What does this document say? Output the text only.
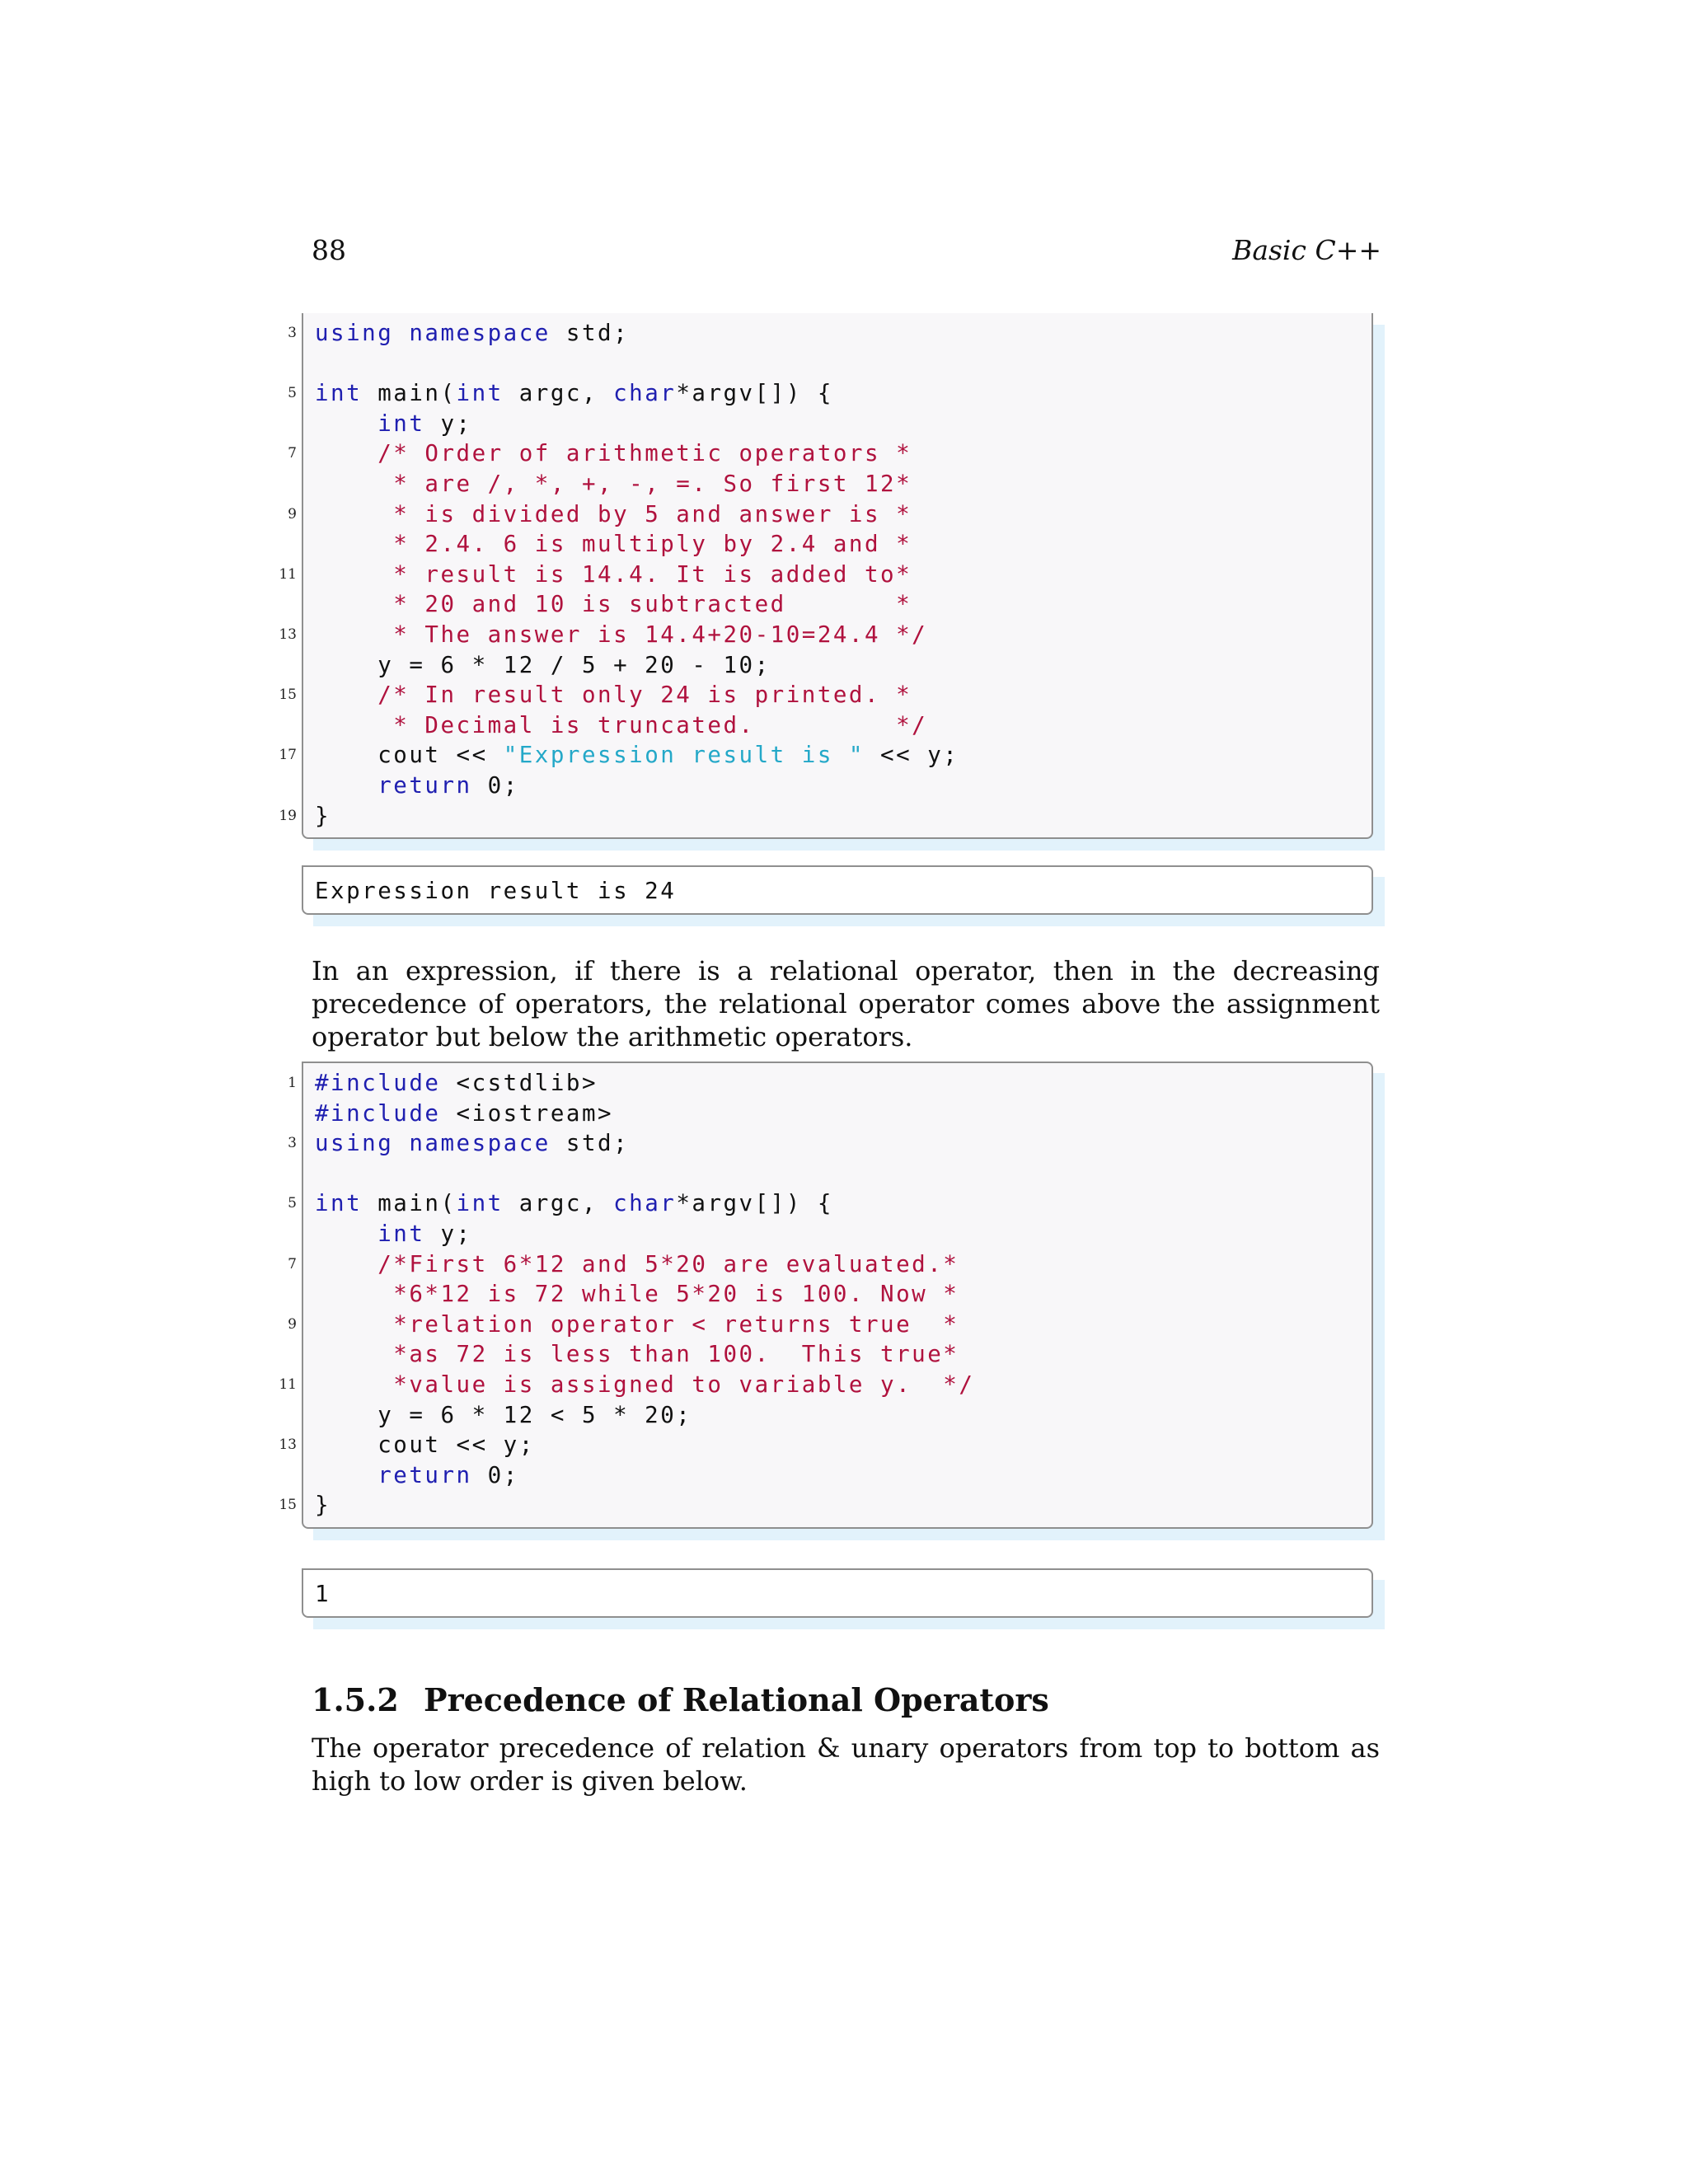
88	Basic C++
3 using namespace std;

5 int main(int argc, char*argv[]) {
int y;
7	/* Order of arithmetic operators *
* are /, *, +, -, =. So first 12*
9	* is divided by 5 and answer is *
* 2.4. 6 is multiply by 2.4 and *
11	* result is 14.4. It is added to*
* 20 and 10 is subtracted       *
13	* The answer is 14.4+20-10=24.4 */
y = 6 * 12 / 5 + 20 - 10;
15	/* In result only 24 is printed. *
* Decimal is truncated.         */
17 cout << "Expression result is " << y;
return 0;
19 }
Expression result is 24
In an expression, if there is a relational operator, then in the decreasing precedence of operators, the relational operator comes above the assignment operator but below the arithmetic operators.
1 #include <cstdlib>
#include <iostream>
3 using namespace std;

5 int main(int argc, char*argv[]) {
int y;
7	/*First 6*12 and 5*20 are evaluated.*
*6*12 is 72 while 5*20 is 100. Now *
9	*relation operator < returns true  *
*as 72 is less than 100.  This true*
11	*value is assigned to variable y.  */
y = 6 * 12 < 5 * 20;
13 cout << y;
return 0;
15 }
1
1.5.2 Precedence of Relational Operators
The operator precedence of relation & unary operators from top to bottom as high to low order is given below.
